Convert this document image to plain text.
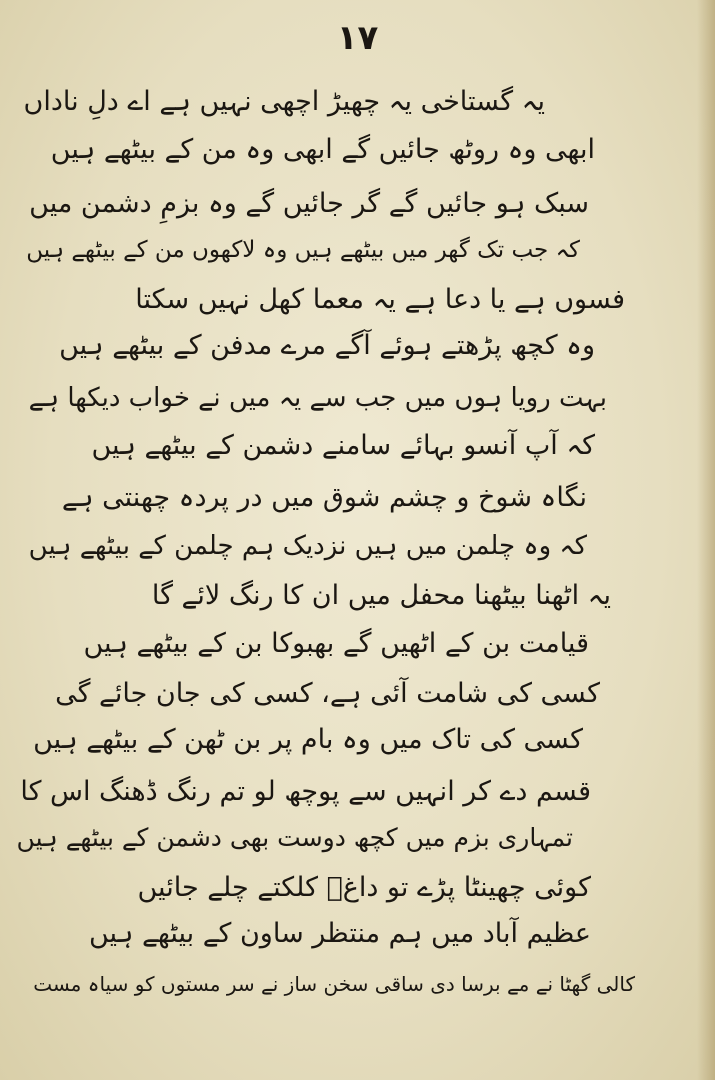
۱۷
یہ گستاخی یہ چھیڑ اچھی نہیں ہے اے دلِ ناداں
ابھی وہ روٹھ جائیں گے ابھی وہ من کے بیٹھے ہیں
سبک ہو جائیں گے گر جائیں گے وہ بزمِ دشمن میں
کہ جب تک گھر میں بیٹھے ہیں وہ لاکھوں من کے بیٹھے ہیں
فسوں ہے یا دعا ہے یہ معما کھل نہیں سکتا
وہ کچھ پڑھتے ہوئے آگے مرے مدفن کے بیٹھے ہیں
بہت رویا ہوں میں جب سے یہ میں نے خواب دیکھا ہے
کہ آپ آنسو بہائے سامنے دشمن کے بیٹھے ہیں
نگاہ شوخ و چشم شوق میں در پردہ چھنتی ہے
کہ وہ چلمن میں ہیں نزدیک ہم چلمن کے بیٹھے ہیں
یہ اٹھنا بیٹھنا محفل میں ان کا رنگ لائے گا
قیامت بن کے اٹھیں گے بھبوکا بن کے بیٹھے ہیں
کسی کی شامت آئی ہے، کسی کی جان جائے گی
کسی کی تاک میں وہ بام پر بن ٹھن کے بیٹھے ہیں
قسم دے کر انہیں سے پوچھ لو تم رنگ ڈھنگ اس کا
تمہاری بزم میں کچھ دوست بھی دشمن کے بیٹھے ہیں
کوئی چھینٹا پڑے تو داغؔ کلکتے چلے جائیں
عظیم آباد میں ہم منتظر ساون کے بیٹھے ہیں
کالی گھٹا نے مے برسا دی ساقی سخن ساز نے سر مستوں کو سیاہ مست
